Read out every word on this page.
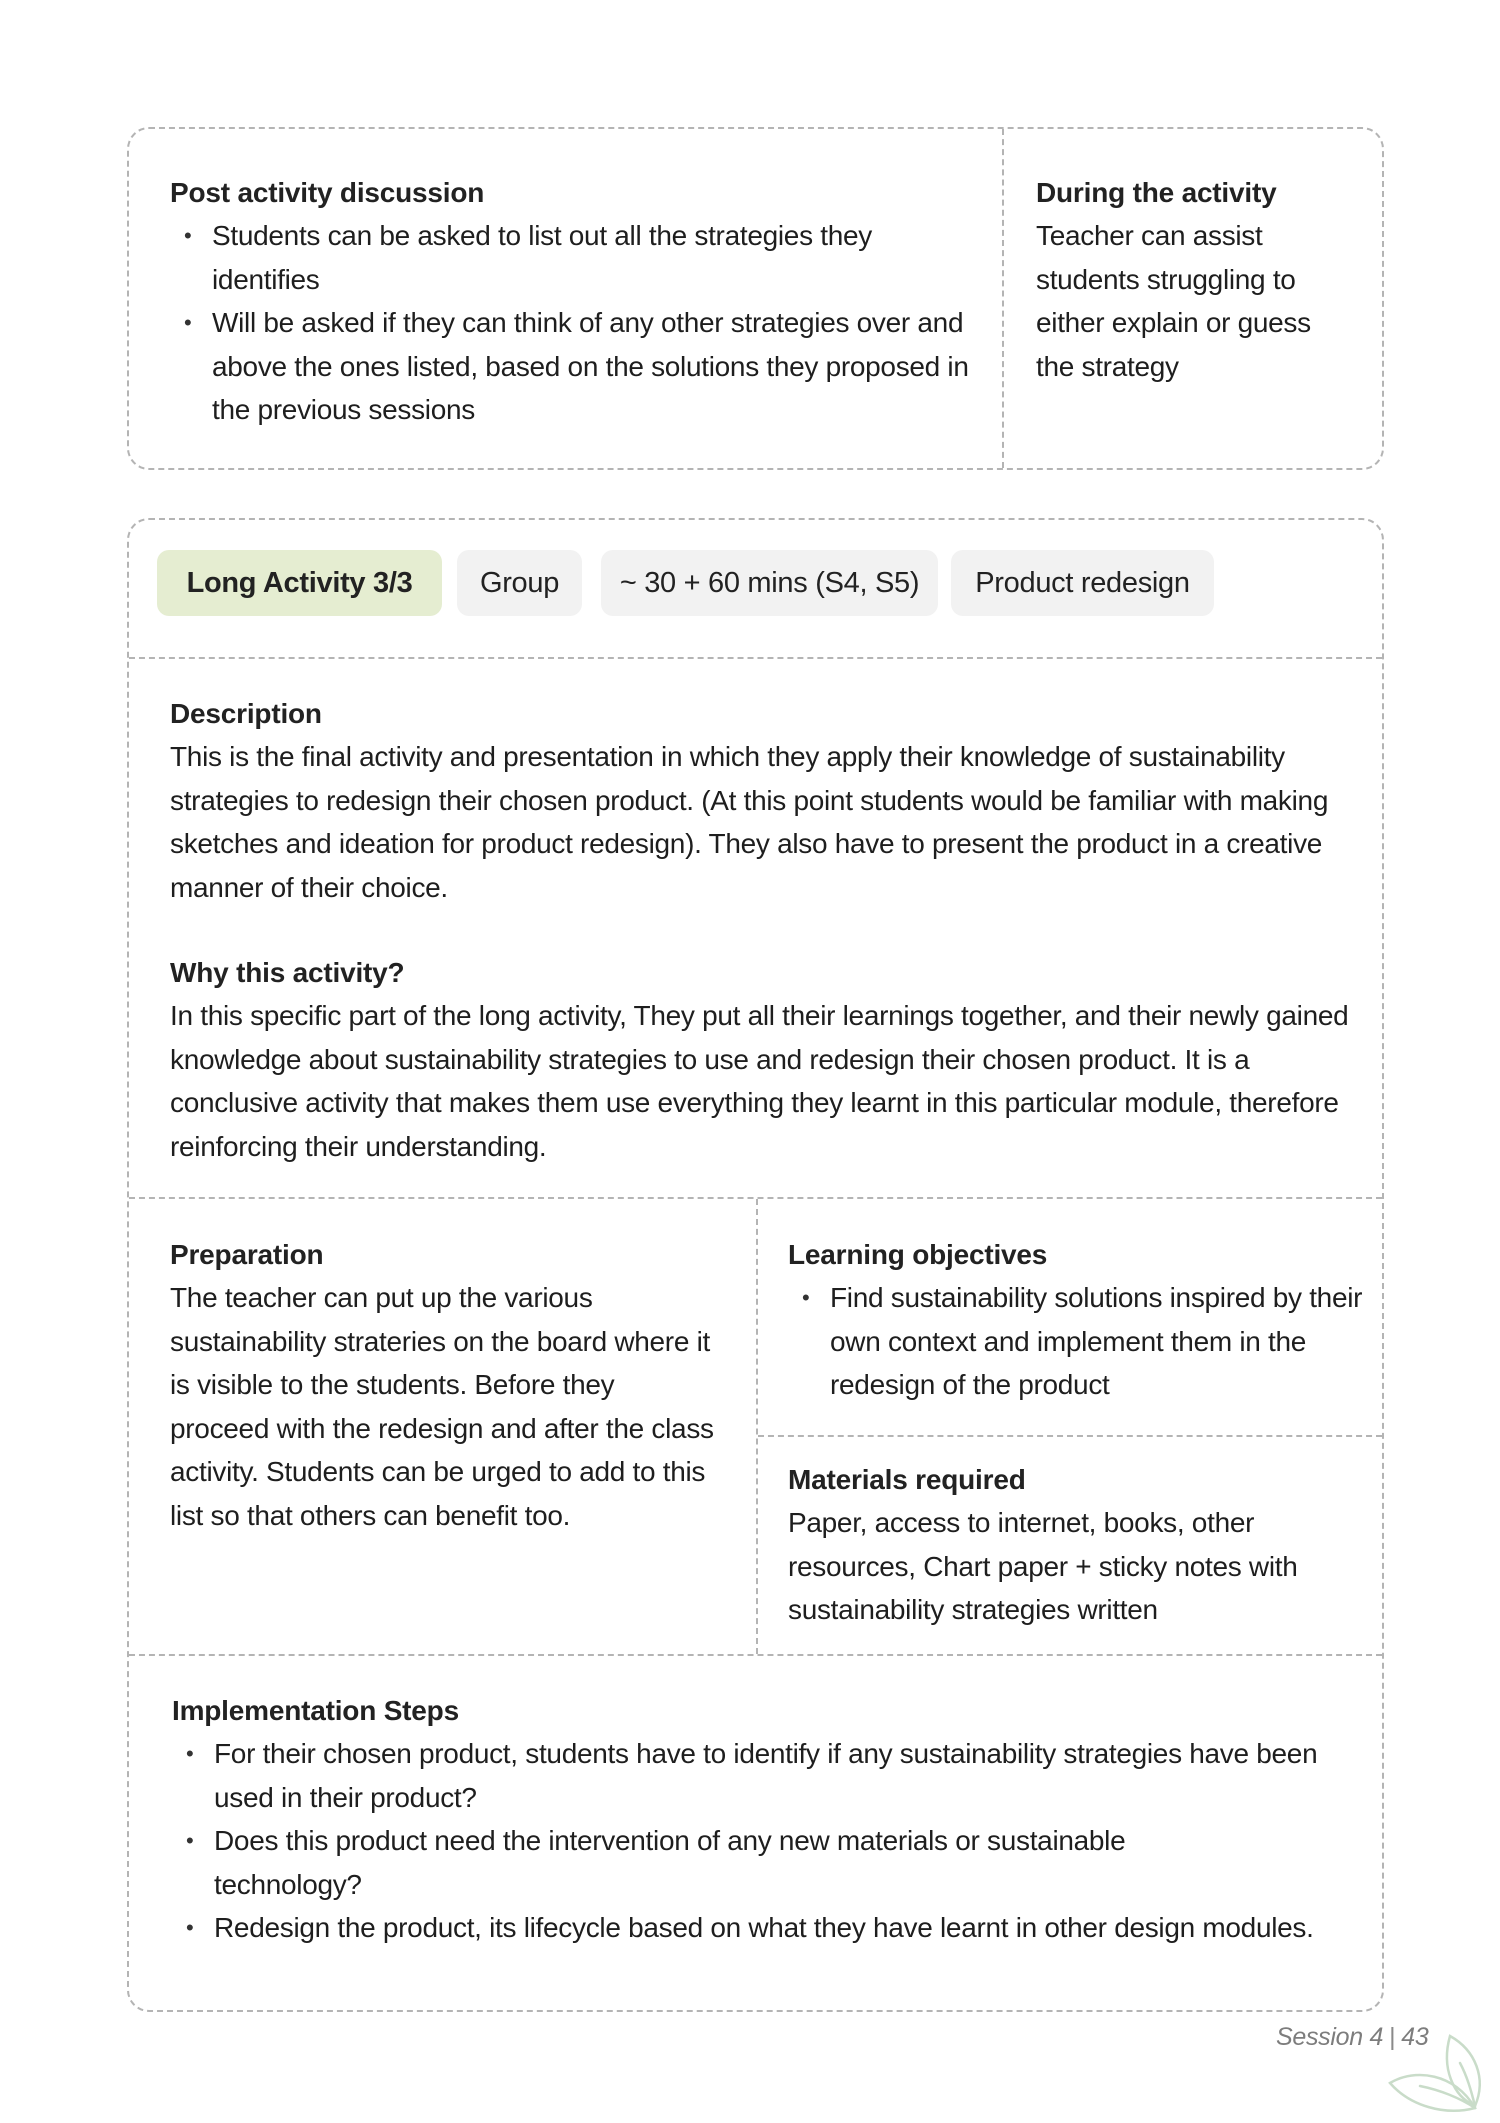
Post activity discussion
• Students can be asked to list out all the strategies they identifies
• Will be asked if they can think of any other strategies over and above the ones listed, based on the solutions they proposed in the previous sessions
During the activity
Teacher can assist students struggling to either explain or guess the strategy
Long Activity 3/3	Group	~ 30 + 60 mins (S4, S5)	Product redesign
Description
This is the final activity and presentation in which they apply their knowledge of sustainability strategies to redesign their chosen product. (At this point students would be familiar with making sketches and ideation for product redesign). They also have to present the product in a creative manner of their choice.
Why this activity?
In this specific part of the long activity, They put all their learnings together, and their newly gained knowledge about sustainability strategies to use and redesign their chosen product. It is a conclusive activity that makes them use everything they learnt in this particular module, therefore reinforcing their understanding.
Preparation
The teacher can put up the various sustainability strateries on the board where it is visible to the students. Before they proceed with the redesign and after the class activity. Students can be urged to add to this list so that others can benefit too.
Learning objectives
• Find sustainability solutions inspired by their own context and implement them in the redesign of the product
Materials required
Paper, access to internet, books, other resources, Chart paper + sticky notes with sustainability strategies written
Implementation Steps
• For their chosen product, students have to identify if any sustainability strategies have been used in their product?
• Does this product need the intervention of any new materials or sustainable technology?
• Redesign the product, its lifecycle based on what they have learnt in other design modules.
Session 4 | 43
